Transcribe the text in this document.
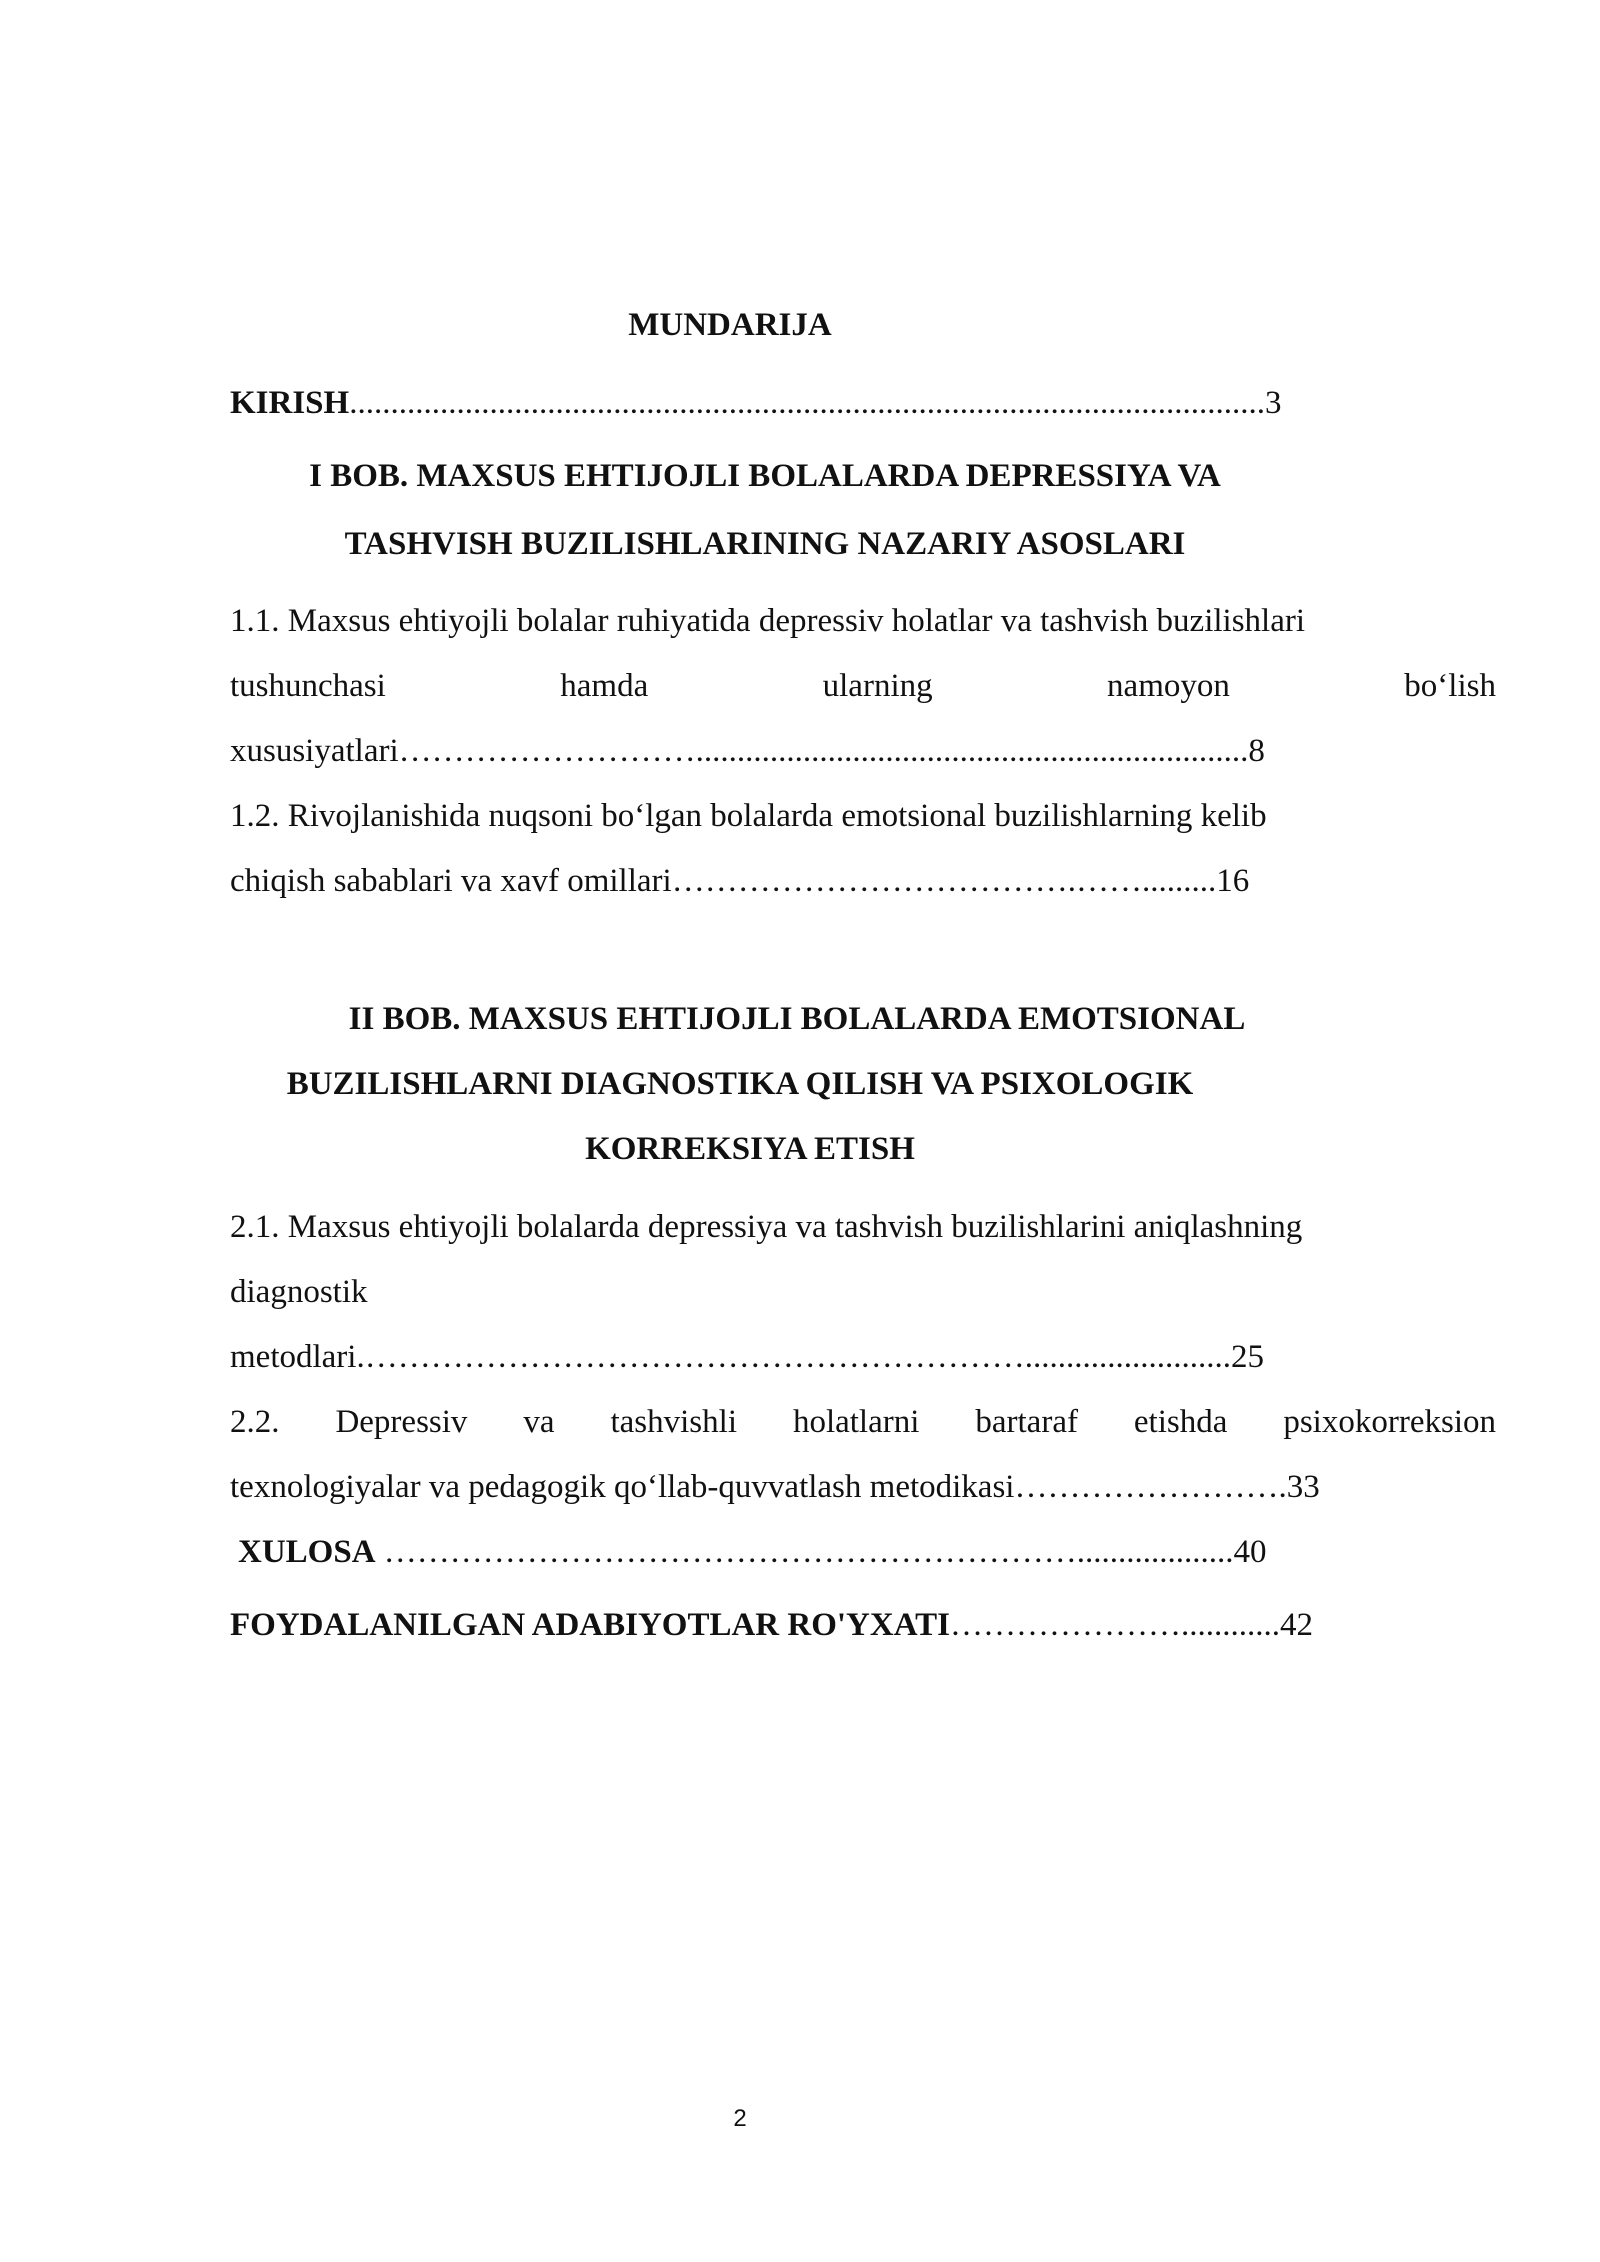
MUNDARIJA
KIRISH...............................................................................................................3
I BOB. MAXSUS EHTIJOJLI BOLALARDA DEPRESSIYA VA
TASHVISH BUZILISHLARINING NAZARIY ASOSLARI
1.1. Maxsus ehtiyojli bolalar ruhiyatida depressiv holatlar va tashvish buzilishlari
tushunchasi	hamda	ularning	namoyon	bo‘lish
xususiyatlari………………………...................................................................8
1.2. Rivojlanishida nuqsoni bo‘lgan bolalarda emotsional buzilishlarning kelib
chiqish sabablari va xavf omillari……………………………….…….........16
II BOB. MAXSUS EHTIJOJLI BOLALARDA EMOTSIONAL
BUZILISHLARNI DIAGNOSTIKA QILISH VA PSIXOLOGIK
KORREKSIYA ETISH
2.1. Maxsus ehtiyojli bolalarda depressiya va tashvish buzilishlarini aniqlashning
diagnostik
metodlari.…………………………………………………….........................25
2.2. Depressiv va tashvishli holatlarni bartaraf etishda psixokorreksion
texnologiyalar va pedagogik qo‘llab-quvvatlash metodikasi…………………….33
XULOSA ………………………………………………………...................40
FOYDALANILGAN ADABIYOTLAR RO'YXATI…………………............42
2
